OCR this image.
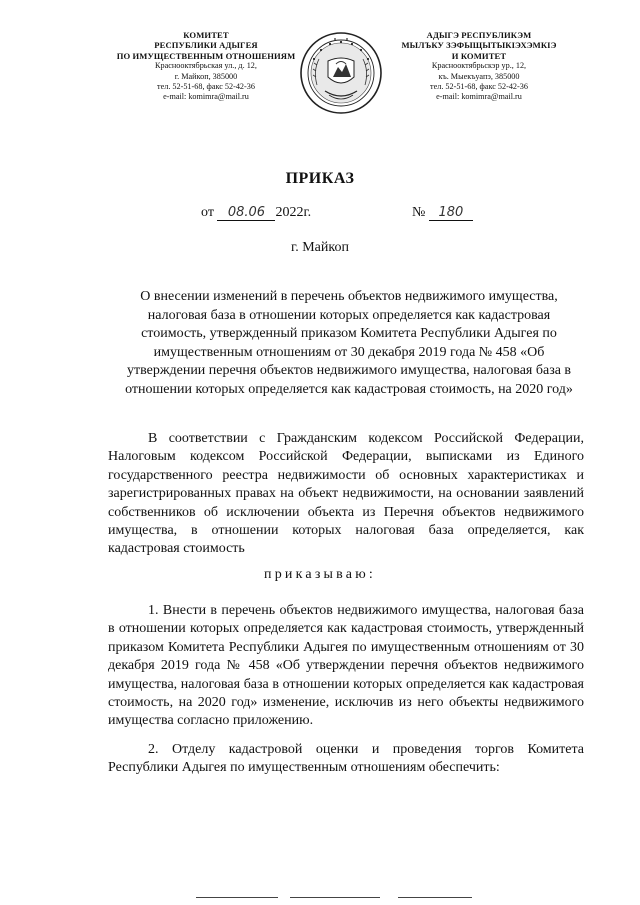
КОМИТЕТ
РЕСПУБЛИКИ АДЫГЕЯ
ПО ИМУЩЕСТВЕННЫМ ОТНОШЕНИЯМ
Краснооктябрьская ул., д. 12,
г. Майкоп, 385000
тел. 52-51-68, факс 52-42-36
e-mail: komimra@mail.ru
АДЫГЭ РЕСПУБЛИКЭМ
МЫЛЪКУ ЗЭФЫЩЫТЫКІЭХЭМКІЭ
И КОМИТЕТ
Краснооктябрьскэр ур., 12,
къ. Мыекъуапэ, 385000
тел. 52-51-68, факс 52-42-36
e-mail: komimra@mail.ru
ПРИКАЗ
от 08.06 2022г.	№ 180
г. Майкоп
О внесении изменений в перечень объектов недвижимого имущества, налоговая база в отношении которых определяется как кадастровая стоимость, утвержденный приказом Комитета Республики Адыгея по имущественным отношениям от 30 декабря 2019 года № 458 «Об утверждении перечня объектов недвижимого имущества, налоговая база в отношении которых определяется как кадастровая стоимость, на 2020 год»
В соответствии с Гражданским кодексом Российской Федерации, Налоговым кодексом Российской Федерации, выписками из Единого государственного реестра недвижимости об основных характеристиках и зарегистрированных правах на объект недвижимости, на основании заявлений собственников об исключении объекта из Перечня объектов недвижимого имущества, в отношении которых налоговая база определяется, как кадастровая стоимость
приказываю:
1. Внести в перечень объектов недвижимого имущества, налоговая база в отношении которых определяется как кадастровая стоимость, утвержденный приказом Комитета Республики Адыгея по имущественным отношениям от 30 декабря 2019 года № 458 «Об утверждении перечня объектов недвижимого имущества, налоговая база в отношении которых определяется как кадастровая стоимость, на 2020 год» изменение, исключив из него объекты недвижимого имущества согласно приложению.
2. Отделу кадастровой оценки и проведения торгов Комитета Республики Адыгея по имущественным отношениям обеспечить:
